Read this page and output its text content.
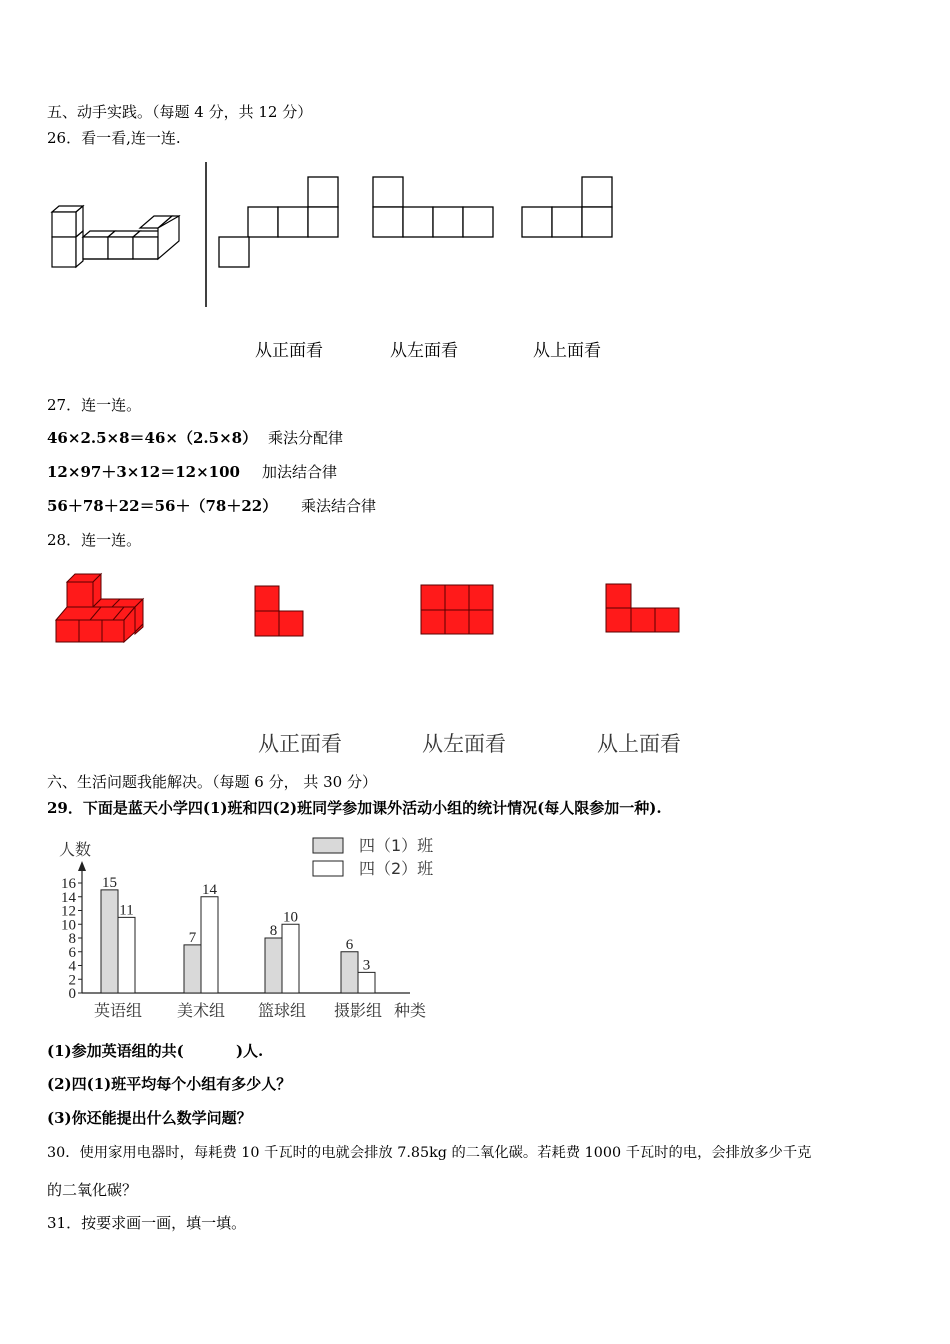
五、动手实践。（每题 4 分，共 12 分）
26．看一看,连一连.
从正面看	从左面看	从上面看
27．连一连。
46×2.5×8＝46×（2.5×8） 乘法分配律
12×97＋3×12＝12×100 加法结合律
56＋78＋22＝56＋（78＋22） 乘法结合律
28．连一连。
从正面看	从左面看	从上面看
六、生活问题我能解决。（每题 6 分， 共 30 分）
29．下面是蓝天小学四(1)班和四(2)班同学参加课外活动小组的统计情况(每人限参加一种).
人数	四（1）班
四（2）班
0
2
4
6
8
10
12
14
16 15
11
7
14
8
10
6
3
英语组 美术组 篮球组 摄影组 种类
(1)参加英语组的共(          )人.
(2)四(1)班平均每个小组有多少人？
(3)你还能提出什么数学问题？
30．使用家用电器时，每耗费 10 千瓦时的电就会排放 7.85kg 的二氧化碳。若耗费 1000 千瓦时的电，会排放多少千克
的二氧化碳？
31．按要求画一画，填一填。
